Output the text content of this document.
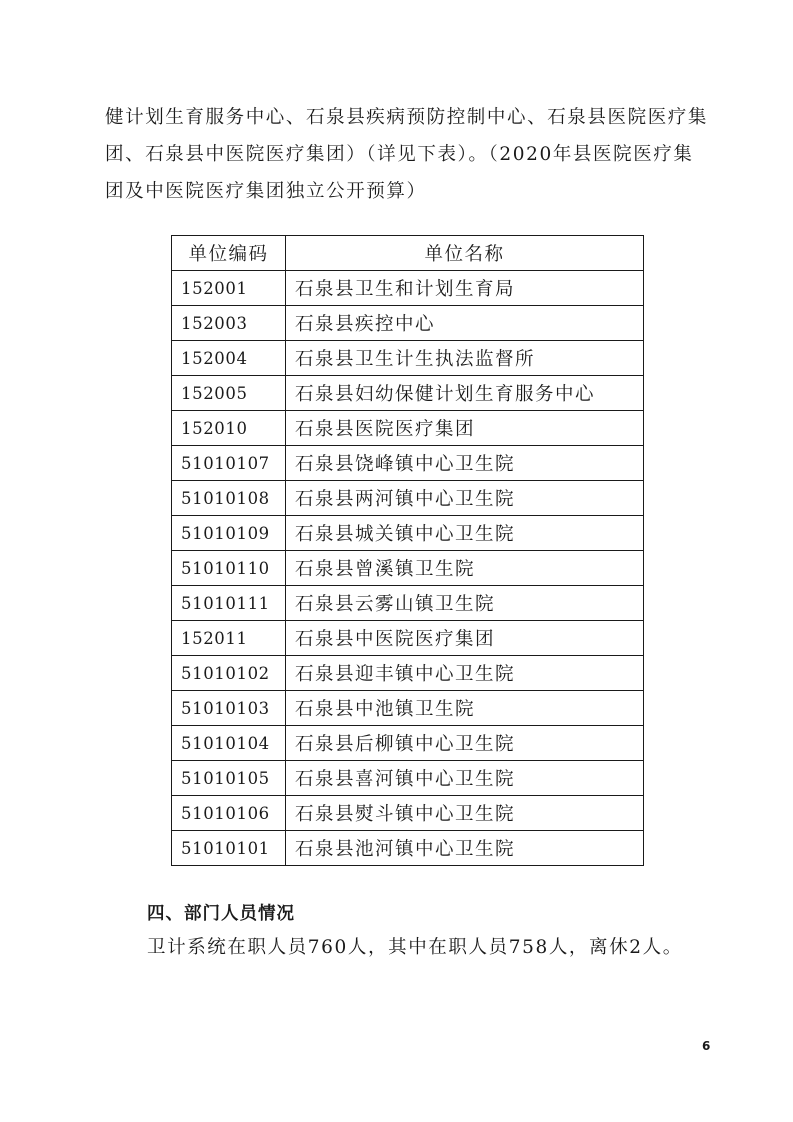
健计划生育服务中心、石泉县疾病预防控制中心、石泉县医院医疗集
团、石泉县中医院医疗集团）（详见下表）。（2020年县医院医疗集
团及中医院医疗集团独立公开预算）
单位编码	单位名称
152001	石泉县卫生和计划生育局
152003	石泉县疾控中心
152004	石泉县卫生计生执法监督所
152005	石泉县妇幼保健计划生育服务中心
152010	石泉县医院医疗集团
51010107	石泉县饶峰镇中心卫生院
51010108	石泉县两河镇中心卫生院
51010109	石泉县城关镇中心卫生院
51010110	石泉县曾溪镇卫生院
51010111	石泉县云雾山镇卫生院
152011	石泉县中医院医疗集团
51010102	石泉县迎丰镇中心卫生院
51010103	石泉县中池镇卫生院
51010104	石泉县后柳镇中心卫生院
51010105	石泉县喜河镇中心卫生院
51010106	石泉县熨斗镇中心卫生院
51010101	石泉县池河镇中心卫生院
四、部门人员情况
卫计系统在职人员760人，其中在职人员758人，离休2人。
6
